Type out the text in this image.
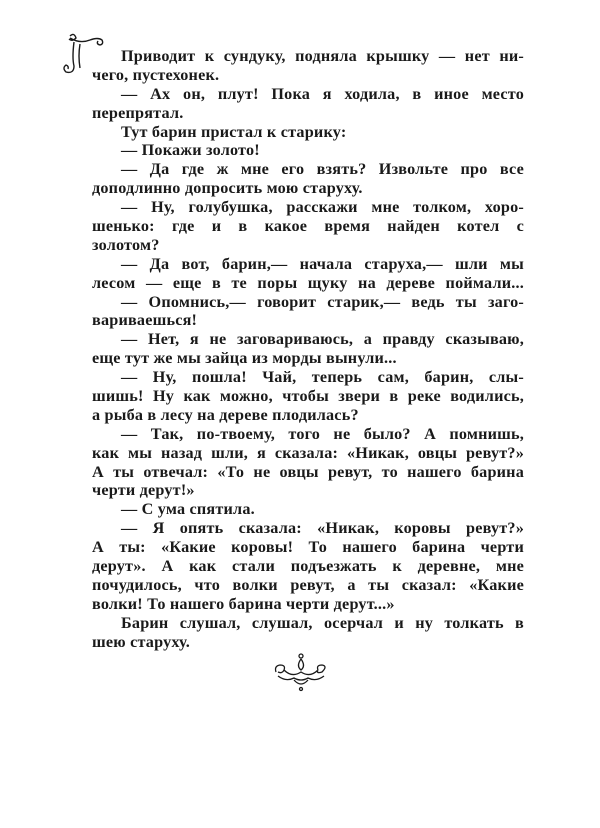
Приводит к сундуку, подняла крышку — нет ни-
чего, пустехонек.
— Ах он, плут! Пока я ходила, в иное место
перепрятал.
Тут барин пристал к старику:
— Покажи золото!
— Да где ж мне его взять? Извольте про все
доподлинно допросить мою старуху.
— Ну, голубушка, расскажи мне толком, хоро-
шенько: где и в какое время найден котел с
золотом?
— Да вот, барин,— начала старуха,— шли мы
лесом — еще в те поры щуку на дереве поймали...
— Опомнись,— говорит старик,— ведь ты заго-
вариваешься!
— Нет, я не заговариваюсь, а правду сказываю,
еще тут же мы зайца из морды вынули...
— Ну, пошла! Чай, теперь сам, барин, слы-
шишь! Ну как можно, чтобы звери в реке водились,
а рыба в лесу на дереве плодилась?
— Так, по-твоему, того не было? А помнишь,
как мы назад шли, я сказала: «Никак, овцы ревут?»
А ты отвечал: «То не овцы ревут, то нашего барина
черти дерут!»
— С ума спятила.
— Я опять сказала: «Никак, коровы ревут?»
А ты: «Какие коровы! То нашего барина черти
дерут». А как стали подъезжать к деревне, мне
почудилось, что волки ревут, а ты сказал: «Какие
волки! То нашего барина черти дерут...»
Барин слушал, слушал, осерчал и ну толкать в
шею старуху.
